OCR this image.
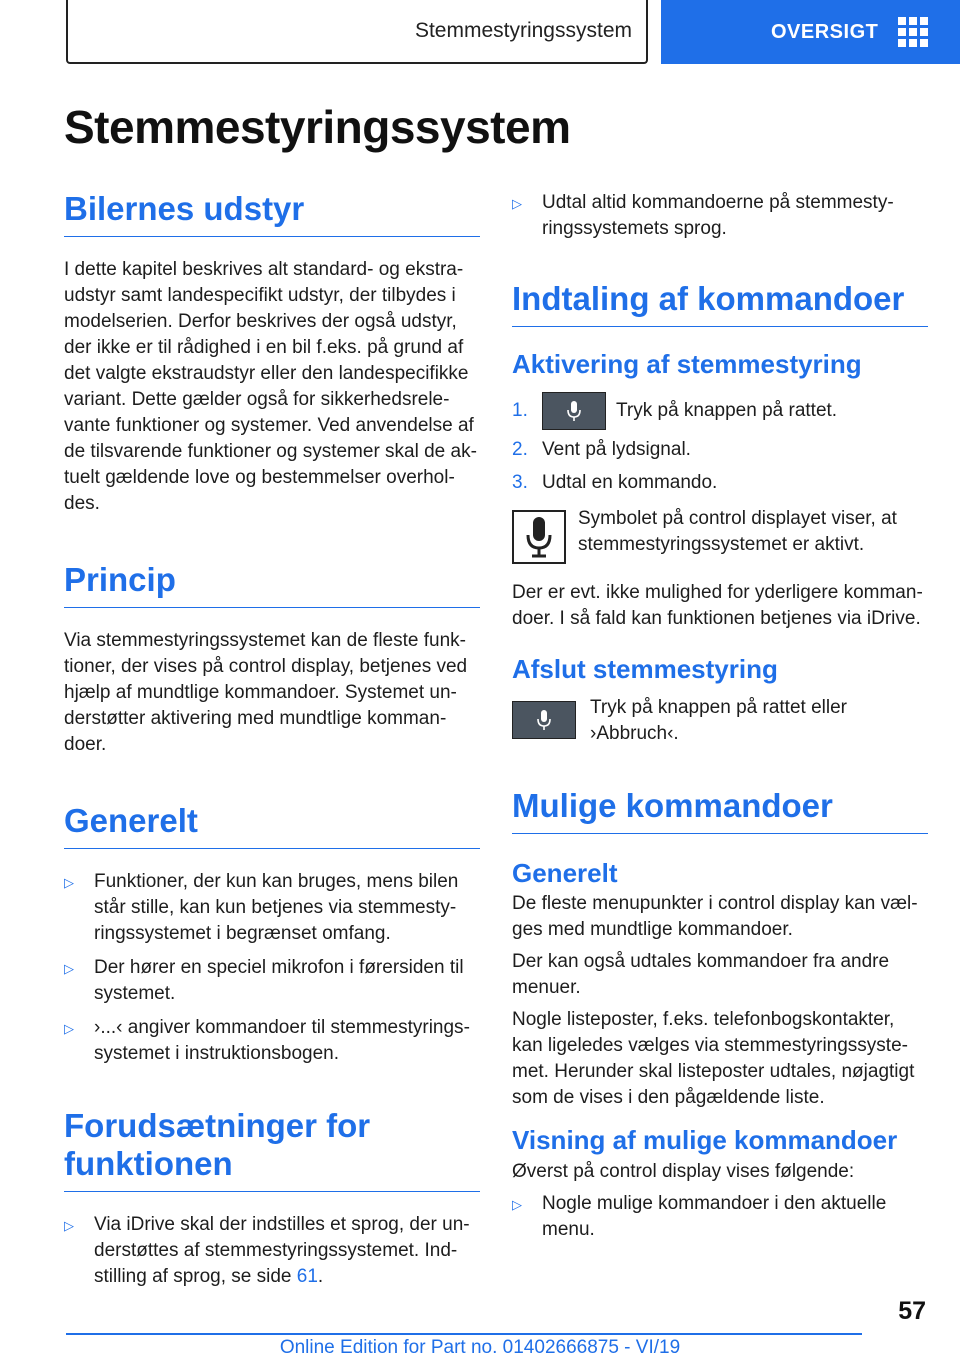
Stemmestyringssystem	OVERSIGT
Stemmestyringssystem
Bilernes udstyr

I dette kapitel beskrives alt standard- og ekstraudstyr samt landespecifikt udstyr, der tilbydes i modelserien. Derfor beskrives der også udstyr, der ikke er til rådighed i en bil f.eks. på grund af det valgte ekstraudstyr eller den landespecifikke variant. Dette gælder også for sikkerhedsrelevante funktioner og systemer. Ved anvendelse af de tilsvarende funktioner og systemer skal de aktuelt gældende love og bestemmelser overholdes.

Princip

Via stemmestyringssystemet kan de fleste funktioner, der vises på control display, betjenes ved hjælp af mundtlige kommandoer. Systemet understøtter aktivering med mundtlige kommandoer.

Generelt
▷	Funktioner, der kun kan bruges, mens bilen står stille, kan kun betjenes via stemmestyringssystemet i begrænset omfang.
▷	Der hører en speciel mikrofon i førersiden til systemet.
▷	›...‹ angiver kommandoer til stemmestyringssystemet i instruktionsbogen.
Forudsætninger for funktionen
▷	Via iDrive skal der indstilles et sprog, der understøttes af stemmestyringssystemet. Indstilling af sprog, se side 61.
▷	Udtal altid kommandoerne på stemmestyringssystemets sprog.
Indtaling af kommandoer
Aktivering af stemmestyring
1.	Tryk på knappen på rattet.
2. Vent på lydsignal.
3. Udtal en kommando.

Symbolet på control displayet viser, at stemmestyringssystemet er aktivt.

Der er evt. ikke mulighed for yderligere kommandoer. I så fald kan funktionen betjenes via iDrive.

Afslut stemmestyring

Tryk på knappen på rattet eller ›Abbruch‹.

Mulige kommandoer
Generelt

De fleste menupunkter i control display kan vælges med mundtlige kommandoer.

Der kan også udtales kommandoer fra andre menuer.

Nogle listeposter, f.eks. telefonbogskontakter, kan ligeledes vælges via stemmestyringssystemet. Herunder skal listeposter udtales, nøjagtigt som de vises i den pågældende liste.

Visning af mulige kommandoer

Øverst på control display vises følgende:

▷	Nogle mulige kommandoer i den aktuelle menu.
57
Online Edition for Part no. 01402666875 - VI/19
